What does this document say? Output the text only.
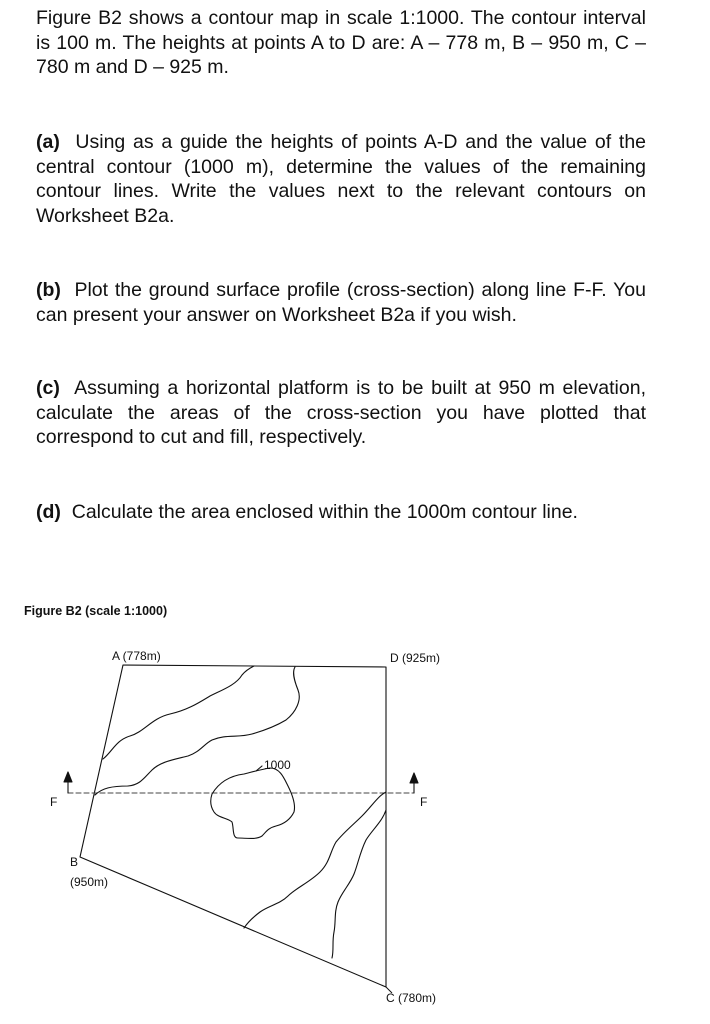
Figure B2 shows a contour map in scale 1:1000. The contour interval is 100 m. The heights at points A to D are: A – 778 m, B – 950 m, C – 780 m and D – 925 m.

(a) Using as a guide the heights of points A-D and the value of the central contour (1000 m), determine the values of the remaining contour lines. Write the values next to the relevant contours on Worksheet B2a.

(b) Plot the ground surface profile (cross-section) along line F-F. You can present your answer on Worksheet B2a if you wish.

(c) Assuming a horizontal platform is to be built at 950 m elevation, calculate the areas of the cross-section you have plotted that correspond to cut and fill, respectively.

(d) Calculate the area enclosed within the 1000m contour line.

Figure B2 (scale 1:1000)
A (778m)	D (925m)
1000
F	F
B
(950m)
C (780m)
